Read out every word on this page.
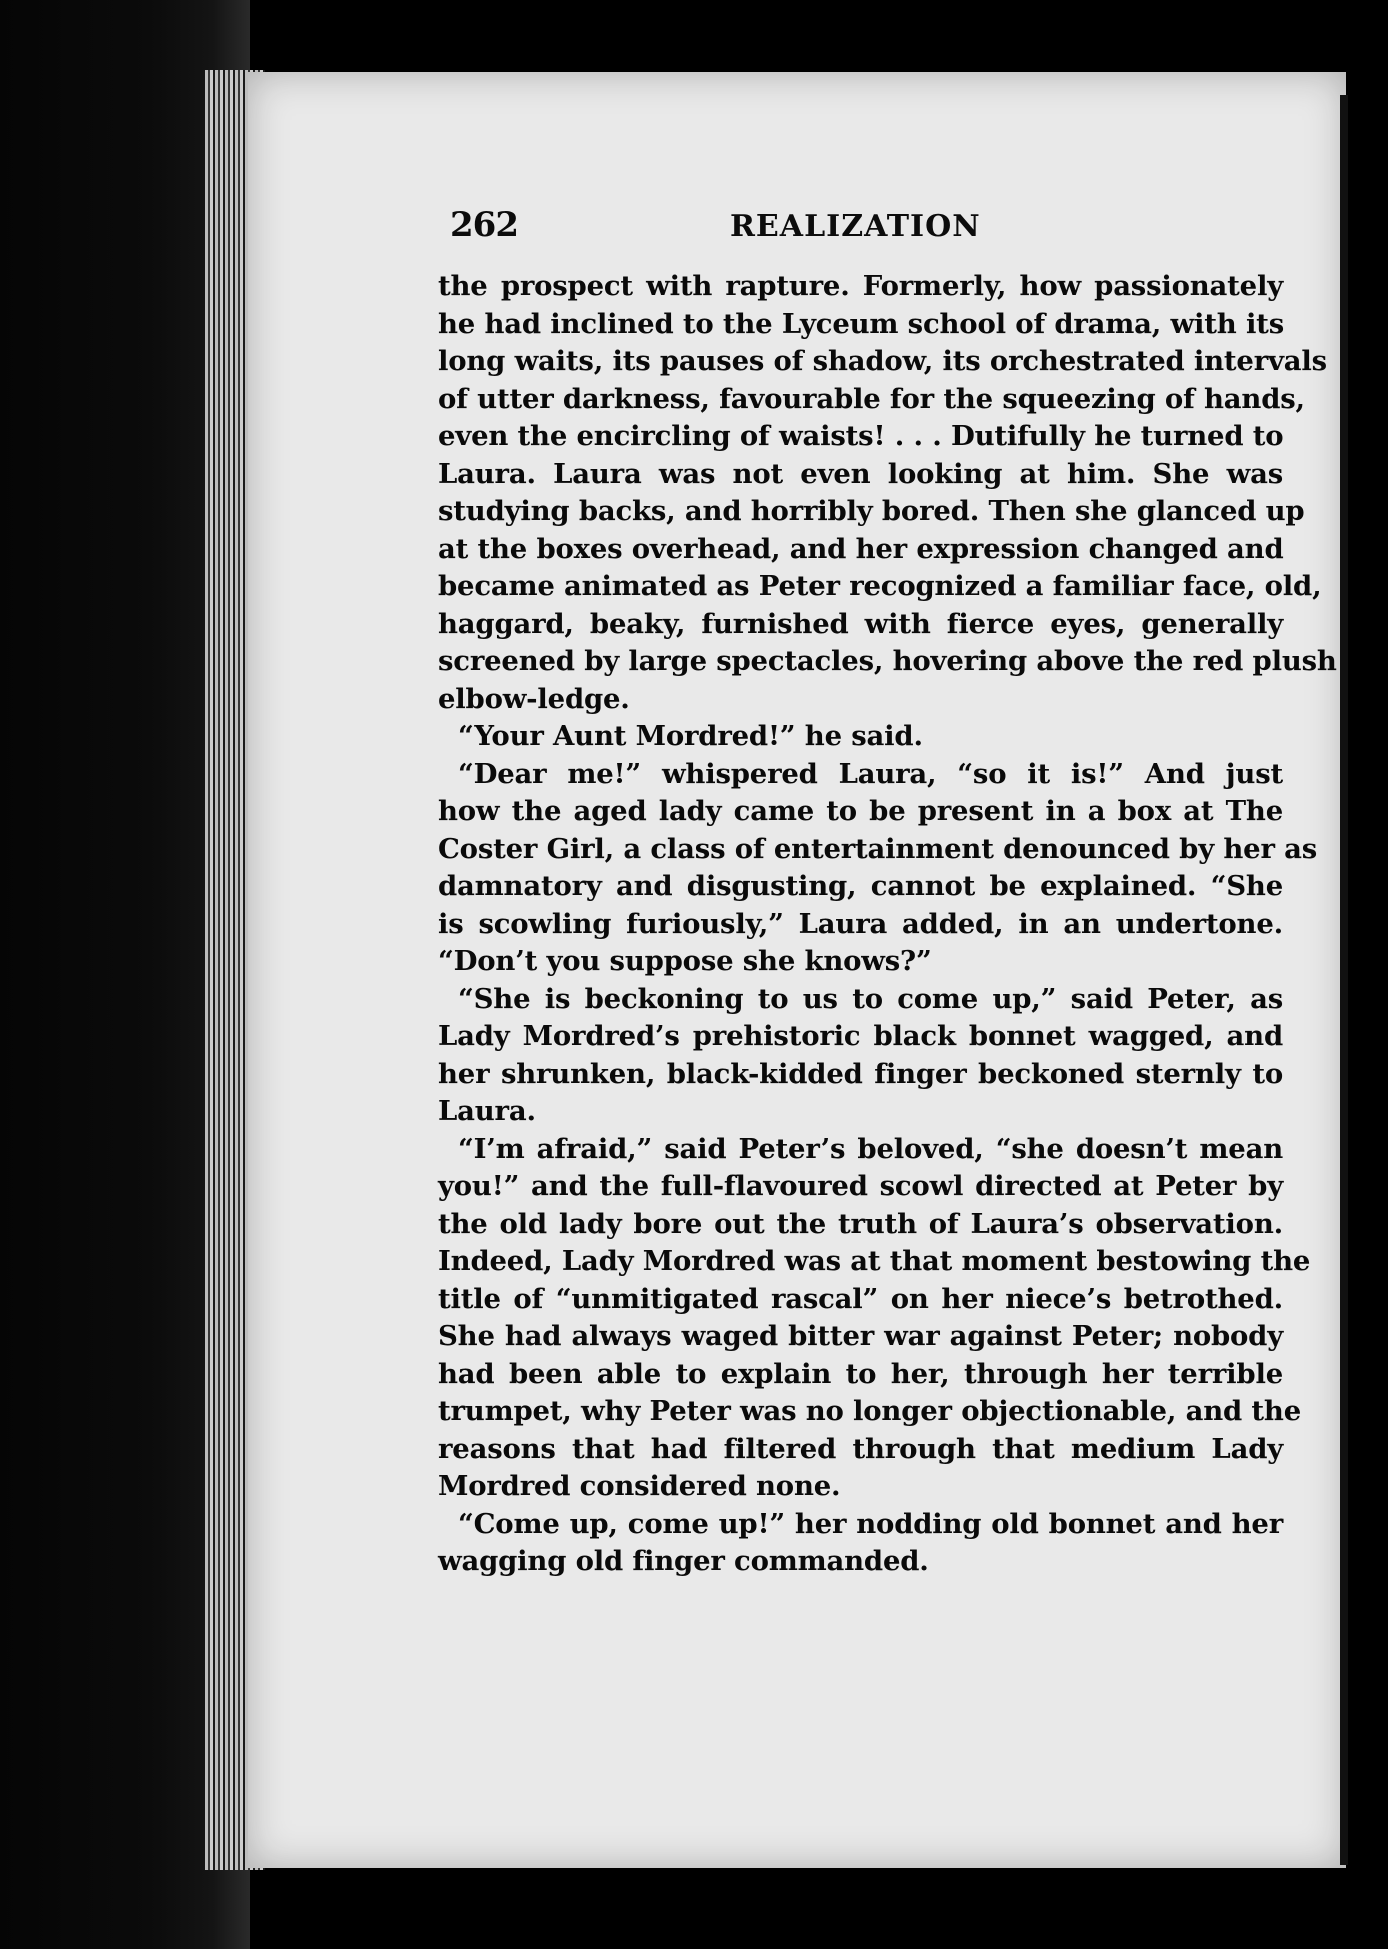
262	REALIZATION
the prospect with rapture. Formerly, how passionately
he had inclined to the Lyceum school of drama, with its
long waits, its pauses of shadow, its orchestrated intervals
of utter darkness, favourable for the squeezing of hands,
even the encircling of waists! . . . Dutifully he turned to
Laura. Laura was not even looking at him. She was
studying backs, and horribly bored. Then she glanced up
at the boxes overhead, and her expression changed and
became animated as Peter recognized a familiar face, old,
haggard, beaky, furnished with fierce eyes, generally
screened by large spectacles, hovering above the red plush
elbow-ledge.
“Your Aunt Mordred!” he said.
“Dear me!” whispered Laura, “so it is!” And just
how the aged lady came to be present in a box at The
Coster Girl, a class of entertainment denounced by her as
damnatory and disgusting, cannot be explained. “She
is scowling furiously,” Laura added, in an undertone.
“Don’t you suppose she knows?”
“She is beckoning to us to come up,” said Peter, as
Lady Mordred’s prehistoric black bonnet wagged, and
her shrunken, black-kidded finger beckoned sternly to
Laura.
“I’m afraid,” said Peter’s beloved, “she doesn’t mean
you!” and the full-flavoured scowl directed at Peter by
the old lady bore out the truth of Laura’s observation.
Indeed, Lady Mordred was at that moment bestowing the
title of “unmitigated rascal” on her niece’s betrothed.
She had always waged bitter war against Peter; nobody
had been able to explain to her, through her terrible
trumpet, why Peter was no longer objectionable, and the
reasons that had filtered through that medium Lady
Mordred considered none.
“Come up, come up!” her nodding old bonnet and her
wagging old finger commanded.
